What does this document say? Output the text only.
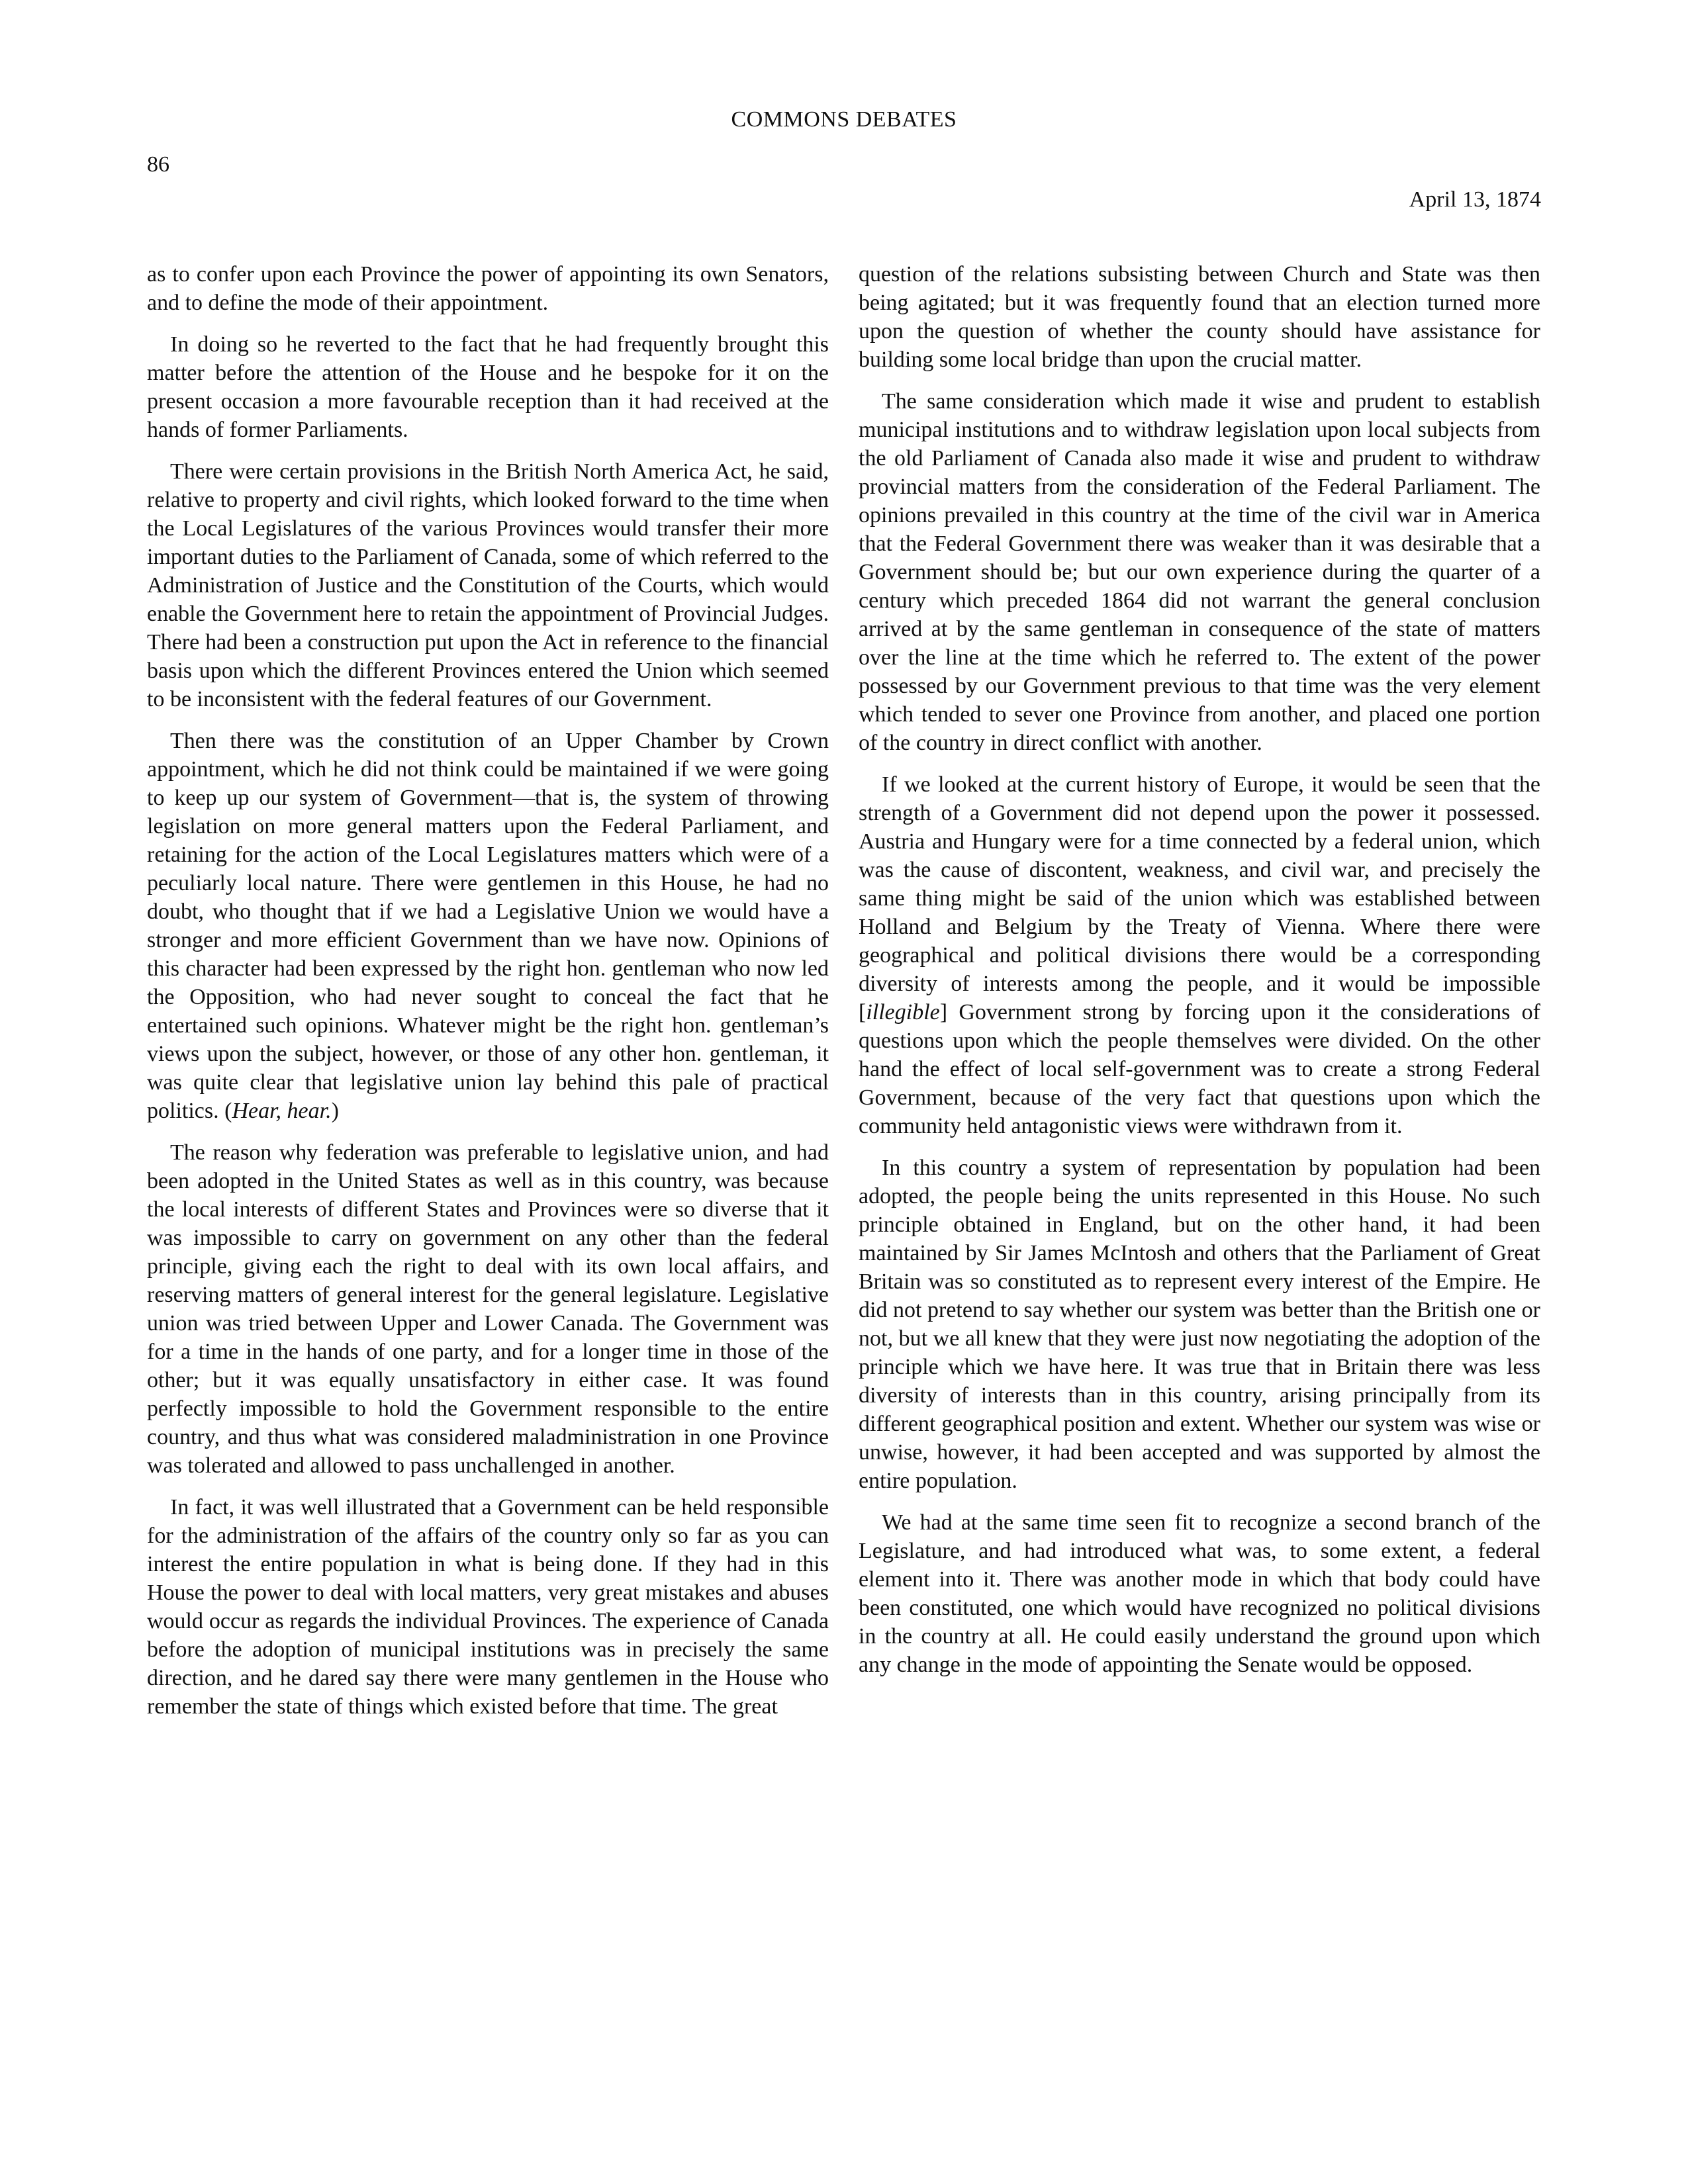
COMMONS DEBATES
86
April 13, 1874

as to confer upon each Province the power of appointing its own Senators, and to define the mode of their appointment.

In doing so he reverted to the fact that he had frequently brought this matter before the attention of the House and he bespoke for it on the present occasion a more favourable reception than it had received at the hands of former Parliaments.

There were certain provisions in the British North America Act, he said, relative to property and civil rights, which looked forward to the time when the Local Legislatures of the various Provinces would transfer their more important duties to the Parliament of Canada, some of which referred to the Administration of Justice and the Constitution of the Courts, which would enable the Government here to retain the appointment of Provincial Judges. There had been a construction put upon the Act in reference to the financial basis upon which the different Provinces entered the Union which seemed to be inconsistent with the federal features of our Government.

Then there was the constitution of an Upper Chamber by Crown appointment, which he did not think could be maintained if we were going to keep up our system of Government—that is, the system of throwing legislation on more general matters upon the Federal Parliament, and retaining for the action of the Local Legislatures matters which were of a peculiarly local nature. There were gentlemen in this House, he had no doubt, who thought that if we had a Legislative Union we would have a stronger and more efficient Government than we have now. Opinions of this character had been expressed by the right hon. gentleman who now led the Opposition, who had never sought to conceal the fact that he entertained such opinions. Whatever might be the right hon. gentleman’s views upon the subject, however, or those of any other hon. gentleman, it was quite clear that legislative union lay behind this pale of practical politics. (Hear, hear.)

The reason why federation was preferable to legislative union, and had been adopted in the United States as well as in this country, was because the local interests of different States and Provinces were so diverse that it was impossible to carry on government on any other than the federal principle, giving each the right to deal with its own local affairs, and reserving matters of general interest for the general legislature. Legislative union was tried between Upper and Lower Canada. The Government was for a time in the hands of one party, and for a longer time in those of the other; but it was equally unsatisfactory in either case. It was found perfectly impossible to hold the Government responsible to the entire country, and thus what was considered maladministration in one Province was tolerated and allowed to pass unchallenged in another.

In fact, it was well illustrated that a Government can be held responsible for the administration of the affairs of the country only so far as you can interest the entire population in what is being done. If they had in this House the power to deal with local matters, very great mistakes and abuses would occur as regards the individual Provinces. The experience of Canada before the adoption of municipal institutions was in precisely the same direction, and he dared say there were many gentlemen in the House who remember the state of things which existed before that time. The great

question of the relations subsisting between Church and State was then being agitated; but it was frequently found that an election turned more upon the question of whether the county should have assistance for building some local bridge than upon the crucial matter.

The same consideration which made it wise and prudent to establish municipal institutions and to withdraw legislation upon local subjects from the old Parliament of Canada also made it wise and prudent to withdraw provincial matters from the consideration of the Federal Parliament. The opinions prevailed in this country at the time of the civil war in America that the Federal Government there was weaker than it was desirable that a Government should be; but our own experience during the quarter of a century which preceded 1864 did not warrant the general conclusion arrived at by the same gentleman in consequence of the state of matters over the line at the time which he referred to. The extent of the power possessed by our Government previous to that time was the very element which tended to sever one Province from another, and placed one portion of the country in direct conflict with another.

If we looked at the current history of Europe, it would be seen that the strength of a Government did not depend upon the power it possessed. Austria and Hungary were for a time connected by a federal union, which was the cause of discontent, weakness, and civil war, and precisely the same thing might be said of the union which was established between Holland and Belgium by the Treaty of Vienna. Where there were geographical and political divisions there would be a corresponding diversity of interests among the people, and it would be impossible [illegible] Government strong by forcing upon it the considerations of questions upon which the people themselves were divided. On the other hand the effect of local self-government was to create a strong Federal Government, because of the very fact that questions upon which the community held antagonistic views were withdrawn from it.

In this country a system of representation by population had been adopted, the people being the units represented in this House. No such principle obtained in England, but on the other hand, it had been maintained by Sir James McIntosh and others that the Parliament of Great Britain was so constituted as to represent every interest of the Empire. He did not pretend to say whether our system was better than the British one or not, but we all knew that they were just now negotiating the adoption of the principle which we have here. It was true that in Britain there was less diversity of interests than in this country, arising principally from its different geographical position and extent. Whether our system was wise or unwise, however, it had been accepted and was supported by almost the entire population.

We had at the same time seen fit to recognize a second branch of the Legislature, and had introduced what was, to some extent, a federal element into it. There was another mode in which that body could have been constituted, one which would have recognized no political divisions in the country at all. He could easily understand the ground upon which any change in the mode of appointing the Senate would be opposed.
